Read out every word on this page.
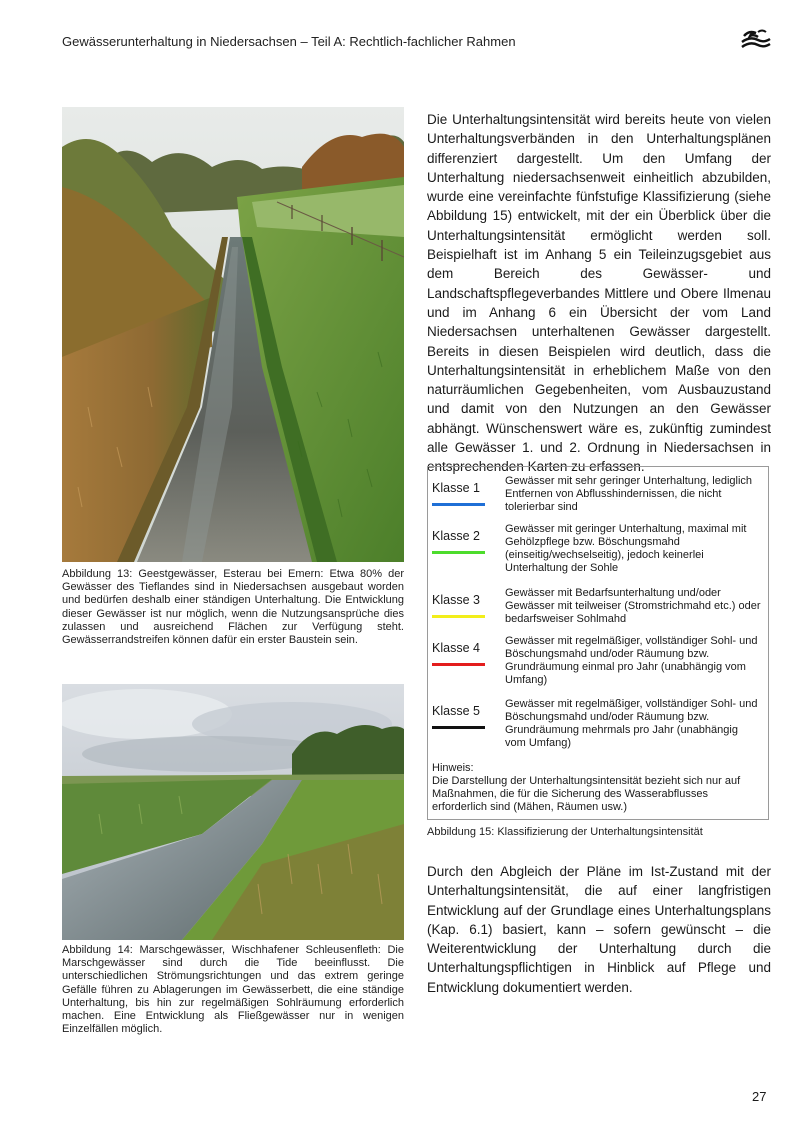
Gewässerunterhaltung in Niedersachsen – Teil A: Rechtlich-fachlicher Rahmen
Abbildung 13: Geestgewässer, Esterau bei Emern: Etwa 80% der Gewässer des Tieflandes sind in Niedersachsen ausgebaut worden und bedürfen deshalb einer ständigen Unterhaltung. Die Entwicklung dieser Gewässer ist nur möglich, wenn die Nutzungsansprüche dies zulassen und ausreichend Flächen zur Verfügung steht. Gewässerrandstreifen können dafür ein erster Baustein sein.
Abbildung 14: Marschgewässer, Wischhafener Schleusenfleth: Die Marschgewässer sind durch die Tide beeinflusst. Die unterschiedlichen Strömungsrichtungen und das extrem geringe Gefälle führen zu Ablagerungen im Gewässerbett, die eine ständige Unterhaltung, bis hin zur regelmäßigen Sohlräumung erforderlich machen. Eine Entwicklung als Fließgewässer nur in wenigen Einzelfällen möglich.
Die Unterhaltungsintensität wird bereits heute von vielen Unterhaltungsverbänden in den Unterhaltungsplänen differenziert dargestellt. Um den Umfang der Unterhaltung niedersachsenweit einheitlich abzubilden, wurde eine vereinfachte fünfstufige Klassifizierung (siehe Abbildung 15) entwickelt, mit der ein Überblick über die Unterhaltungsintensität ermöglicht werden soll. Beispielhaft ist im Anhang 5 ein Teileinzugsgebiet aus dem Bereich des Gewässer- und Landschaftspflegeverbandes Mittlere und Obere Ilmenau und im Anhang 6 ein Übersicht der vom Land Niedersachsen unterhaltenen Gewässer dargestellt. Bereits in diesen Beispielen wird deutlich, dass die Unterhaltungsintensität in erheblichem Maße von den naturräumlichen Gegebenheiten, vom Ausbauzustand und damit von den Nutzungen an den Gewässer abhängt. Wünschenswert wäre es, zukünftig zumindest alle Gewässer 1. und 2. Ordnung in Niedersachsen in entsprechenden Karten zu erfassen.
Klasse 1 Gewässer mit sehr geringer Unterhaltung, lediglich Entfernen von Abflusshindernissen, die nicht tolerierbar sind
Klasse 2 Gewässer mit geringer Unterhaltung, maximal mit Gehölzpflege bzw. Böschungsmahd (einseitig/wechselseitig), jedoch keinerlei Unterhaltung der Sohle
Klasse 3 Gewässer mit Bedarfsunterhaltung und/oder Gewässer mit teilweiser (Stromstrichmahd etc.) oder bedarfsweiser Sohlmahd
Klasse 4 Gewässer mit regelmäßiger, vollständiger Sohl- und Böschungsmahd und/oder Räumung bzw. Grundräumung einmal pro Jahr (unabhängig vom Umfang)
Klasse 5 Gewässer mit regelmäßiger, vollständiger Sohl- und Böschungsmahd und/oder Räumung bzw. Grundräumung mehrmals pro Jahr (unabhängig vom Umfang)
Hinweis:
Die Darstellung der Unterhaltungsintensität bezieht sich nur auf Maßnahmen, die für die Sicherung des Wasserabflusses erforderlich sind (Mähen, Räumen usw.)
Abbildung 15: Klassifizierung der Unterhaltungsintensität
Durch den Abgleich der Pläne im Ist-Zustand mit der Unterhaltungsintensität, die auf einer langfristigen Entwicklung auf der Grundlage eines Unterhaltungsplans (Kap. 6.1) basiert, kann – sofern gewünscht – die Weiterentwicklung der Unterhaltung durch die Unterhaltungspflichtigen in Hinblick auf Pflege und Entwicklung dokumentiert werden.
27
